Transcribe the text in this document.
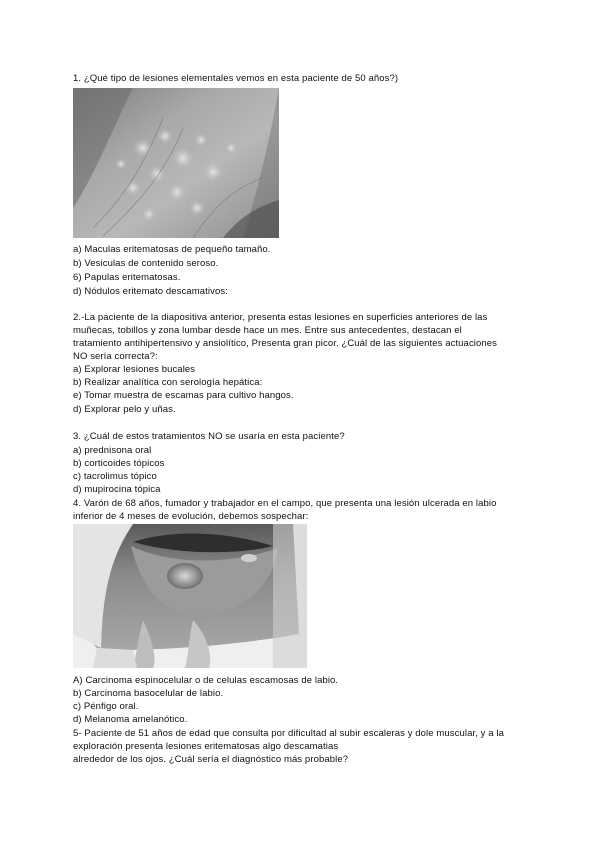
1. ¿Qué tipo de lesiones elementales vemos en esta paciente de 50 años?)
a) Maculas eritematosas de pequeño tamaño.
b) Vesiculas de contenido seroso.
6) Papulas eritematosas.
d) Nódulos eritemato descamativos:
2.-La paciente de la diapositiva anterior, presenta estas lesiones en superficies anteriores de las
muñecas, tobillos y zona lumbar desde hace un mes. Entre sus antecedentes, destacan el
tratamiento antihipertensivo y ansiolítico, Presenta gran picor. ¿Cuál de las siguientes actuaciones
NO sería correcta?:
a) Explorar lesiones bucales
b) Realizar analítica con serología hepática:
e) Tomar muestra de escamas para cultivo hangos.
d) Explorar pelo y uñas.
3. ¿Cuál de estos tratamientos NO se usaría en esta paciente?
a) prednisona oral
b) corticoides tópicos
c) tacrolimus tópico
d) mupirocina tópica
4. Varón de 68 años, fumador y trabajador en el campo, que presenta una lesión ulcerada en labio
inferior de 4 meses de evolución, debemos sospechar:
A) Carcinoma espinocelular o de celulas escamosas de labio.
b) Carcinoma basocelular de labio.
c) Pénfigo oral.
d) Melanoma amelanótico.
5- Paciente de 51 años de edad que consulta por dificultad al subir escaleras y dole muscular, y a la
exploración presenta lesiones eritematosas algo descamatias
alrededor de los ojos. ¿Cuál sería el diagnóstico más probable?
